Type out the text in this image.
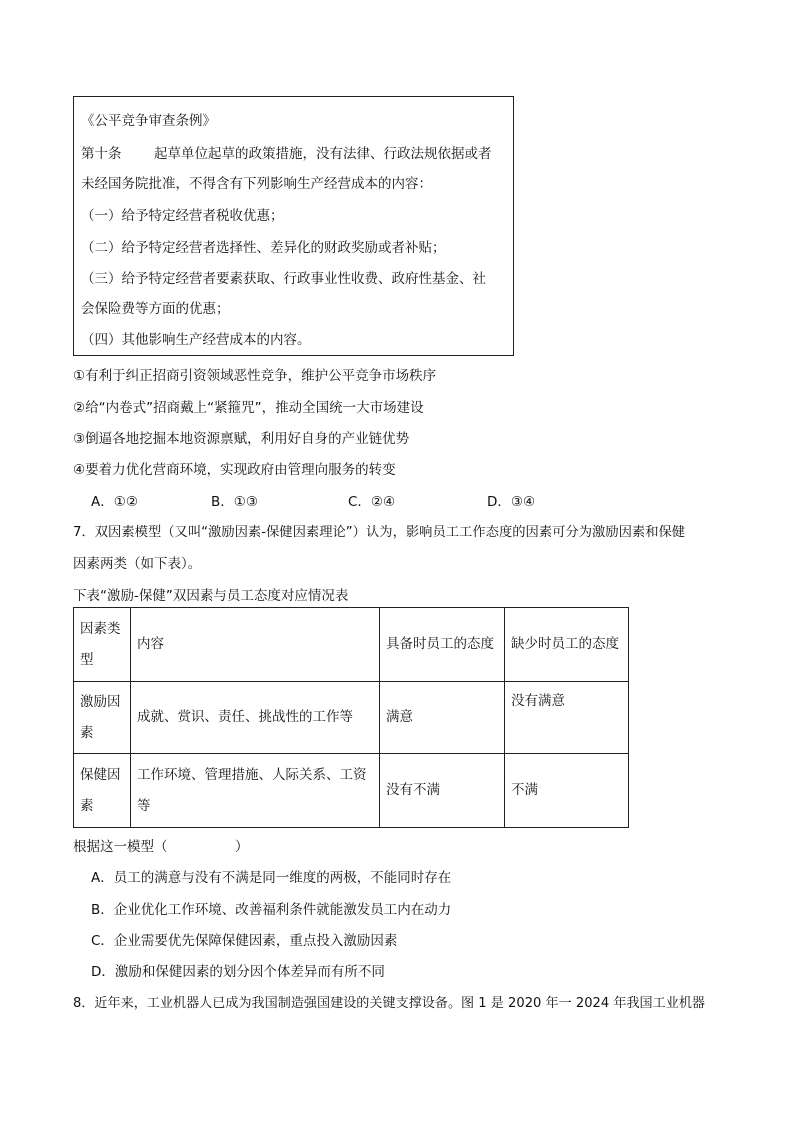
《公平竞争审查条例》
第十条 起草单位起草的政策措施，没有法律、行政法规依据或者
未经国务院批准，不得含有下列影响生产经营成本的内容：
（一）给予特定经营者税收优惠；
（二）给予特定经营者选择性、差异化的财政奖励或者补贴；
（三）给予特定经营者要素获取、行政事业性收费、政府性基金、社
会保险费等方面的优惠；
（四）其他影响生产经营成本的内容。
①有利于纠正招商引资领域恶性竞争，维护公平竞争市场秩序
②给“内卷式”招商戴上“紧箍咒”，推动全国统一大市场建设
③倒逼各地挖掘本地资源禀赋，利用好自身的产业链优势
④要着力优化营商环境，实现政府由管理向服务的转变
A．①②	B．①③	C．②④	D．③④
7．双因素模型（又叫“激励因素-保健因素理论”）认为，影响员工工作态度的因素可分为激励因素和保健
因素两类（如下表）。
下表“激励-保健”双因素与员工态度对应情况表
因素类型	内容	具备时员工的态度	缺少时员工的态度
激励因素	成就、赏识、责任、挑战性的工作等	满意	没有满意
保健因素	工作环境、管理措施、人际关系、工资等	没有不满	不满
根据这一模型（　　　　　）
A．员工的满意与没有不满是同一维度的两极，不能同时存在
B．企业优化工作环境、改善福利条件就能激发员工内在动力
C．企业需要优先保障保健因素，重点投入激励因素
D．激励和保健因素的划分因个体差异而有所不同
8．近年来，工业机器人已成为我国制造强国建设的关键支撑设备。图 1 是 2020 年一 2024 年我国工业机器
